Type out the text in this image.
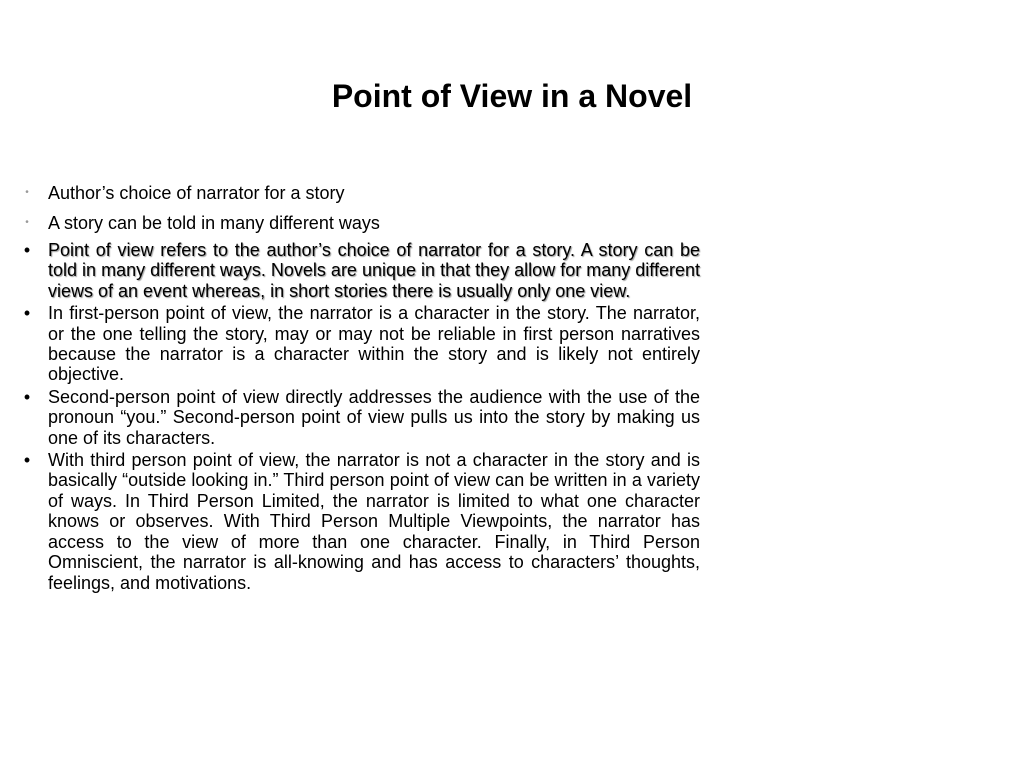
Point of View in a Novel
•	Author’s choice of narrator for a story
•	A story can be told in many different ways
• Point of view refers to the author’s choice of narrator for a story. A story can be told in many different ways. Novels are unique in that they allow for many different views of an event whereas, in short stories there is usually only one view.
• In first-person point of view, the narrator is a character in the story. The narrator, or the one telling the story, may or may not be reliable in first person narratives because the narrator is a character within the story and is likely not entirely objective.
• Second-person point of view directly addresses the audience with the use of the pronoun “you.” Second-person point of view pulls us into the story by making us one of its characters.
• With third person point of view, the narrator is not a character in the story and is basically “outside looking in.” Third person point of view can be written in a variety of ways. In Third Person Limited, the narrator is limited to what one character knows or observes. With Third Person Multiple Viewpoints, the narrator has access to the view of more than one character. Finally, in Third Person Omniscient, the narrator is all-knowing and has access to characters’ thoughts, feelings, and motivations.
